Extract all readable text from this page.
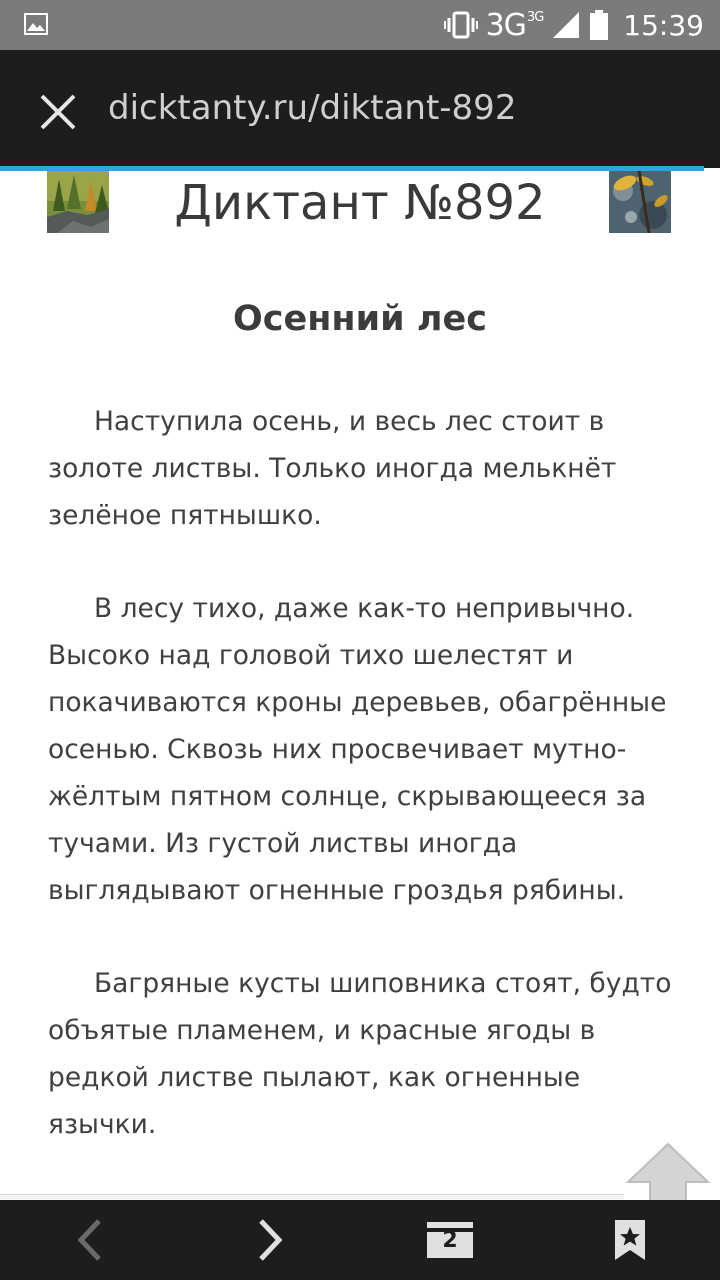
$3G^{3G}$	15:39
dicktanty.ru/diktant-892
Диктант №892
Осенний лес

Наступила осень, и весь лес стоит в золоте листвы. Только иногда мелькнёт зелёное пятнышко.

В лесу тихо, даже как-то непривычно. Высоко над головой тихо шелестят и покачиваются кроны деревьев, обагрённые осенью. Сквозь них просвечивает мутно-жёлтым пятном солнце, скрывающееся за тучами. Из густой листвы иногда выглядывают огненные гроздья рябины.

Багряные кусты шиповника стоят, будто объятые пламенем, и красные ягоды в редкой листве пылают, как огненные язычки.

2
